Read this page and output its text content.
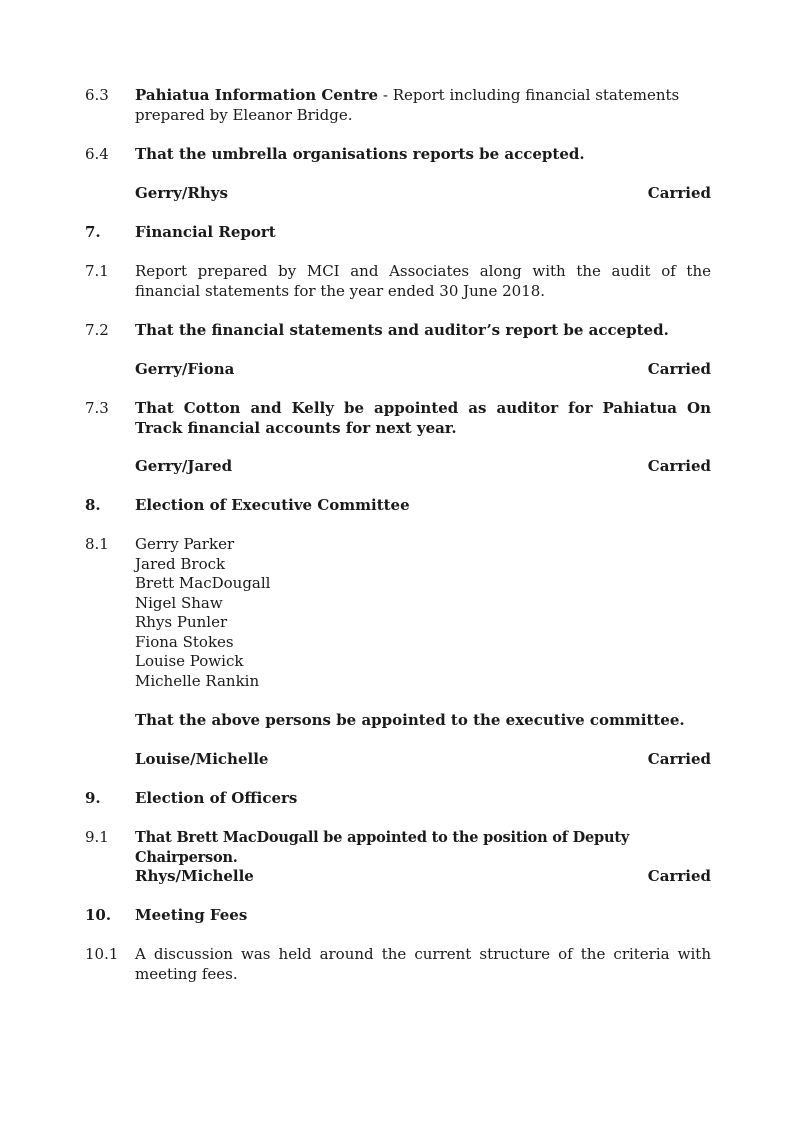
6.3	Pahiatua Information Centre - Report including financial statements prepared by Eleanor Bridge.
6.4	That the umbrella organisations reports be accepted.
Gerry/Rhys	Carried
7.	Financial Report
7.1	Report prepared by MCI and Associates along with the audit of the financial statements for the year ended 30 June 2018.
7.2	That the financial statements and auditor’s report be accepted.
Gerry/Fiona	Carried
7.3	That Cotton and Kelly be appointed as auditor for Pahiatua On Track financial accounts for next year.
Gerry/Jared	Carried
8.	Election of Executive Committee
8.1	Gerry Parker
Jared Brock
Brett MacDougall
Nigel Shaw
Rhys Punler
Fiona Stokes
Louise Powick
Michelle Rankin
That the above persons be appointed to the executive committee.
Louise/Michelle	Carried
9.	Election of Officers
9.1	That Brett MacDougall be appointed to the position of Deputy Chairperson.
Rhys/Michelle	Carried
10.	Meeting Fees
10.1	A discussion was held around the current structure of the criteria with meeting fees.
